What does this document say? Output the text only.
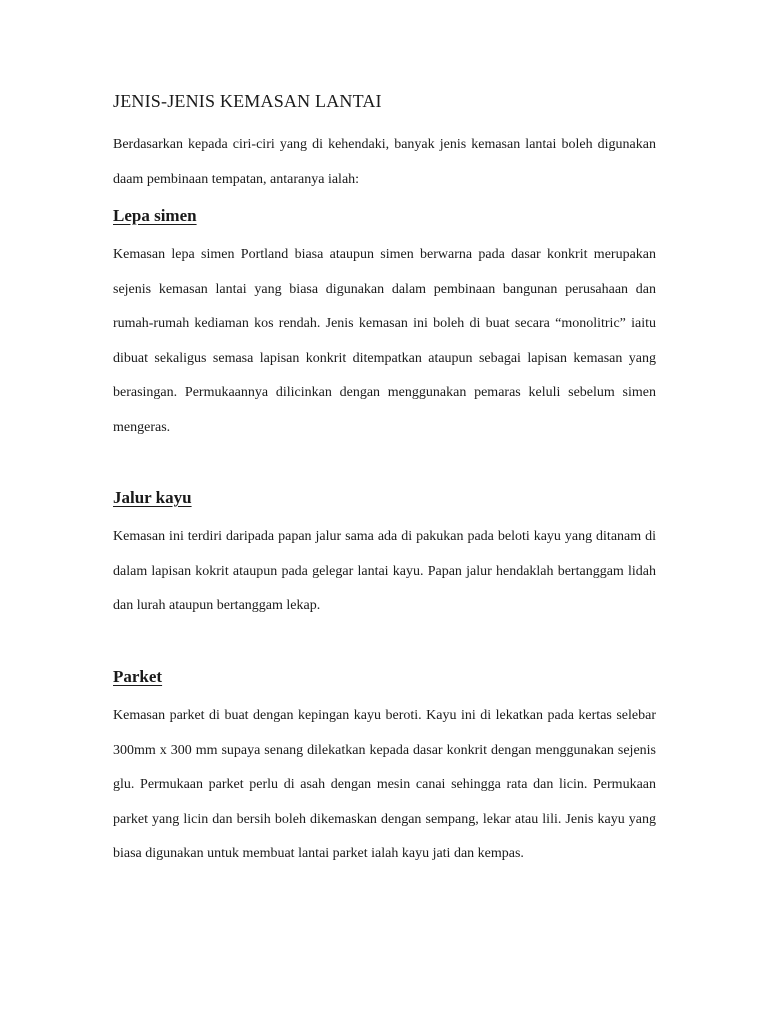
JENIS-JENIS KEMASAN LANTAI

Berdasarkan kepada ciri-ciri yang di kehendaki, banyak jenis kemasan lantai boleh digunakan daam pembinaan tempatan, antaranya ialah:

Lepa simen

Kemasan lepa simen Portland biasa ataupun simen berwarna pada dasar konkrit merupakan sejenis kemasan lantai yang biasa digunakan dalam pembinaan bangunan perusahaan dan rumah-rumah kediaman kos rendah. Jenis kemasan ini boleh di buat secara “monolitric” iaitu dibuat sekaligus semasa lapisan konkrit ditempatkan ataupun sebagai lapisan kemasan yang berasingan. Permukaannya dilicinkan dengan menggunakan pemaras keluli sebelum simen mengeras.

Jalur kayu

Kemasan ini terdiri daripada papan jalur sama ada di pakukan pada beloti kayu yang ditanam di dalam lapisan kokrit ataupun pada gelegar lantai kayu. Papan jalur hendaklah bertanggam lidah dan lurah ataupun bertanggam lekap.

Parket

Kemasan parket di buat dengan kepingan kayu beroti. Kayu ini di lekatkan pada kertas selebar 300mm x 300 mm supaya senang dilekatkan kepada dasar konkrit dengan menggunakan sejenis glu. Permukaan parket perlu di asah dengan mesin canai sehingga rata dan licin. Permukaan parket yang licin dan bersih boleh dikemaskan dengan sempang, lekar atau lili. Jenis kayu yang biasa digunakan untuk membuat lantai parket ialah kayu jati dan kempas.
